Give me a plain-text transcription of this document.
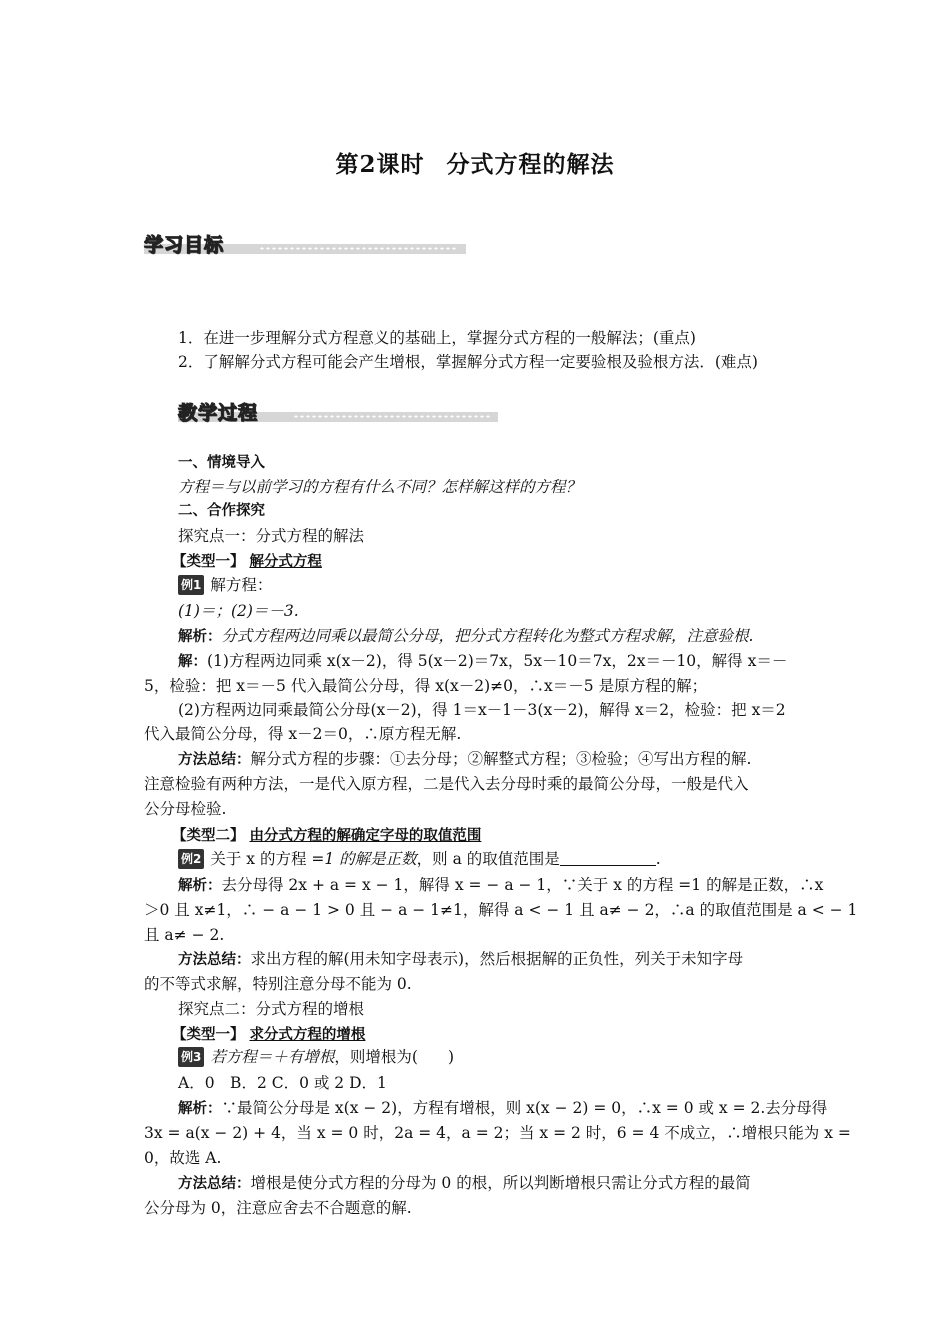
第2课时 分式方程的解法
学习目标
1．在进一步理解分式方程意义的基础上，掌握分式方程的一般解法；(重点)
2．了解解分式方程可能会产生增根，掌握解分式方程一定要验根及验根方法．(难点)
教学过程
一、情境导入
方程＝与以前学习的方程有什么不同？怎样解这样的方程？
二、合作探究
探究点一：分式方程的解法
【类型一】 解分式方程
例1 解方程：
(1)＝；(2)＝－3.
解析：分式方程两边同乘以最简公分母，把分式方程转化为整式方程求解，注意验根.
解：(1)方程两边同乘 x(x－2)，得 5(x－2)＝7x，5x－10＝7x，2x＝－10，解得 x＝－
5，检验：把 x＝－5 代入最简公分母，得 x(x－2)≠0，∴x＝－5 是原方程的解；
(2)方程两边同乘最简公分母(x－2)，得 1＝x－1－3(x－2)，解得 x＝2，检验：把 x＝2
代入最简公分母，得 x－2＝0，∴原方程无解.
方法总结：解分式方程的步骤：①去分母；②解整式方程；③检验；④写出方程的解.
注意检验有两种方法，一是代入原方程，二是代入去分母时乘的最简公分母，一般是代入
公分母检验.
【类型二】 由分式方程的解确定字母的取值范围
例2 关于 x 的方程 =1 的解是正数，则 a 的取值范围是	.
解析：去分母得 2x + a = x − 1，解得 x = − a − 1，∵关于 x 的方程 =1 的解是正数，∴x
＞0 且 x≠1，∴ − a − 1 > 0 且 − a − 1≠1，解得 a < − 1 且 a≠ − 2，∴a 的取值范围是 a < − 1
且 a≠ − 2.
方法总结：求出方程的解(用未知字母表示)，然后根据解的正负性，列关于未知字母
的不等式求解，特别注意分母不能为 0.
探究点二：分式方程的增根
【类型一】 求分式方程的增根
例3 若方程＝＋有增根，则增根为( )
A．0　B．2 C．0 或 2 D．1
解析：∵最简公分母是 x(x − 2)，方程有增根，则 x(x − 2) = 0，∴x = 0 或 x = 2.去分母得
3x = a(x − 2) + 4，当 x = 0 时，2a = 4，a = 2；当 x = 2 时，6 = 4 不成立，∴增根只能为 x =
0，故选 A.
方法总结：增根是使分式方程的分母为 0 的根，所以判断增根只需让分式方程的最简
公分母为 0，注意应舍去不合题意的解.
